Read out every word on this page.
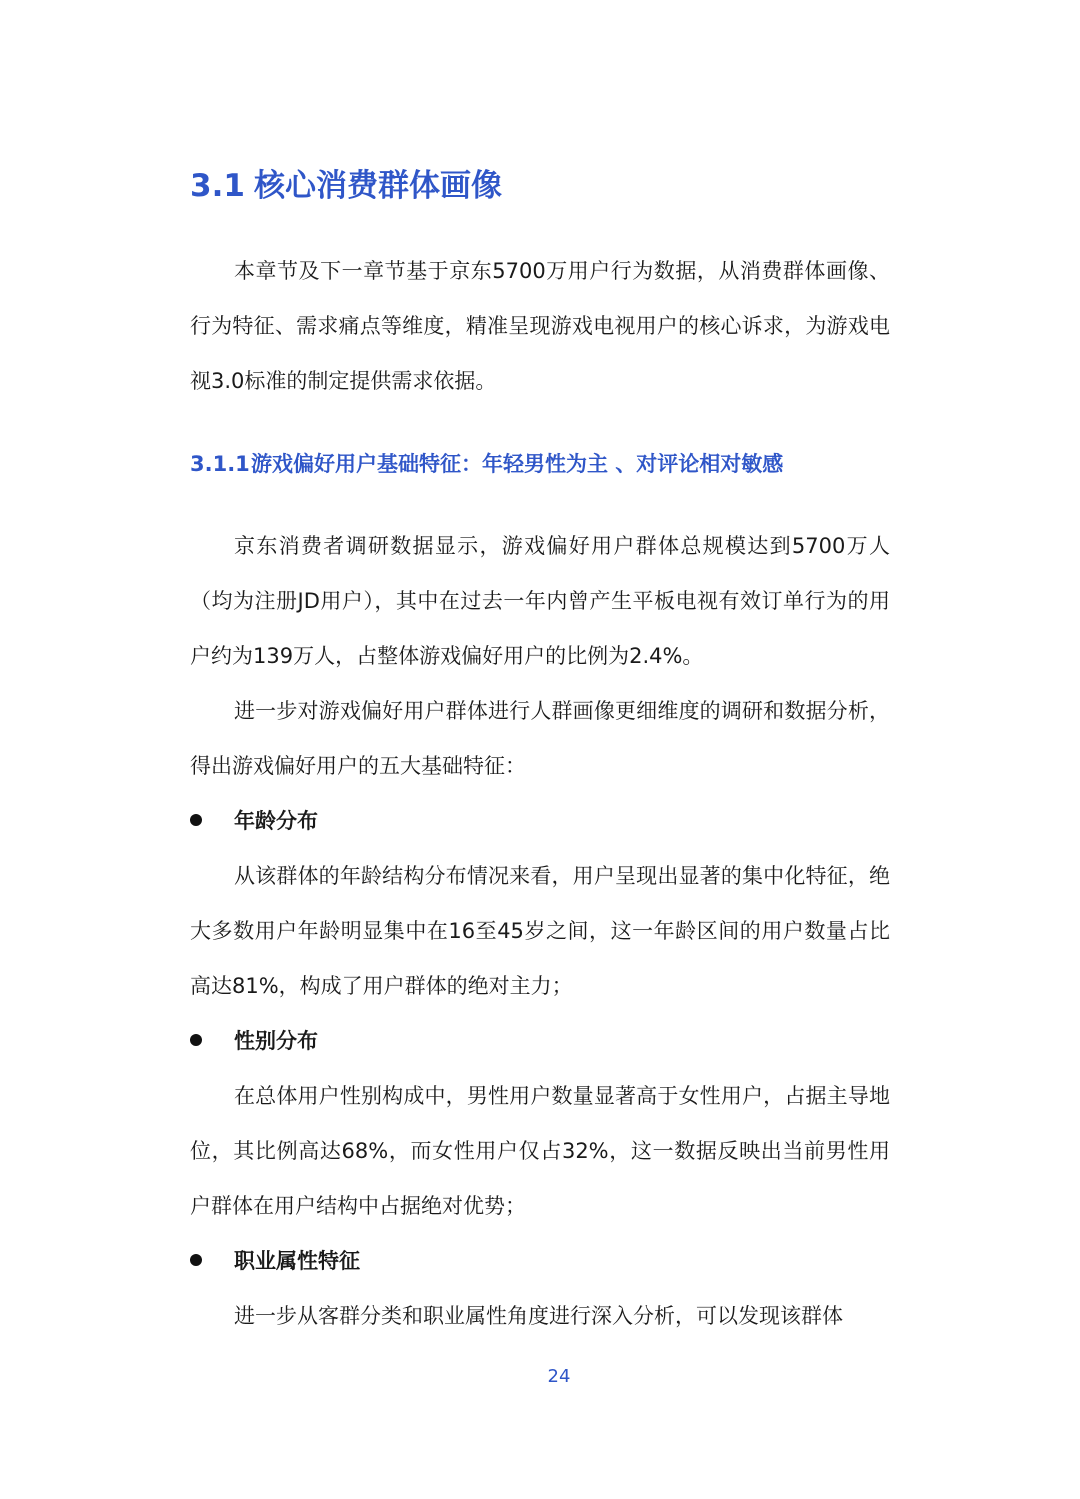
3.1 核心消费群体画像

本章节及下一章节基于京东5700万用户行为数据，从消费群体画像、行为特征、需求痛点等维度，精准呈现游戏电视用户的核心诉求，为游戏电视3.0标准的制定提供需求依据。

3.1.1游戏偏好用户基础特征：年轻男性为主 、对评论相对敏感

京东消费者调研数据显示，游戏偏好用户群体总规模达到5700万人（均为注册JD用户），其中在过去一年内曾产生平板电视有效订单行为的用户约为139万人，占整体游戏偏好用户的比例为2.4%。

进一步对游戏偏好用户群体进行人群画像更细维度的调研和数据分析，得出游戏偏好用户的五大基础特征：

年龄分布

从该群体的年龄结构分布情况来看，用户呈现出显著的集中化特征，绝大多数用户年龄明显集中在16至45岁之间，这一年龄区间的用户数量占比高达81%，构成了用户群体的绝对主力；

性别分布

在总体用户性别构成中，男性用户数量显著高于女性用户，占据主导地位，其比例高达68%，而女性用户仅占32%，这一数据反映出当前男性用户群体在用户结构中占据绝对优势；

职业属性特征

进一步从客群分类和职业属性角度进行深入分析，可以发现该群体

24
